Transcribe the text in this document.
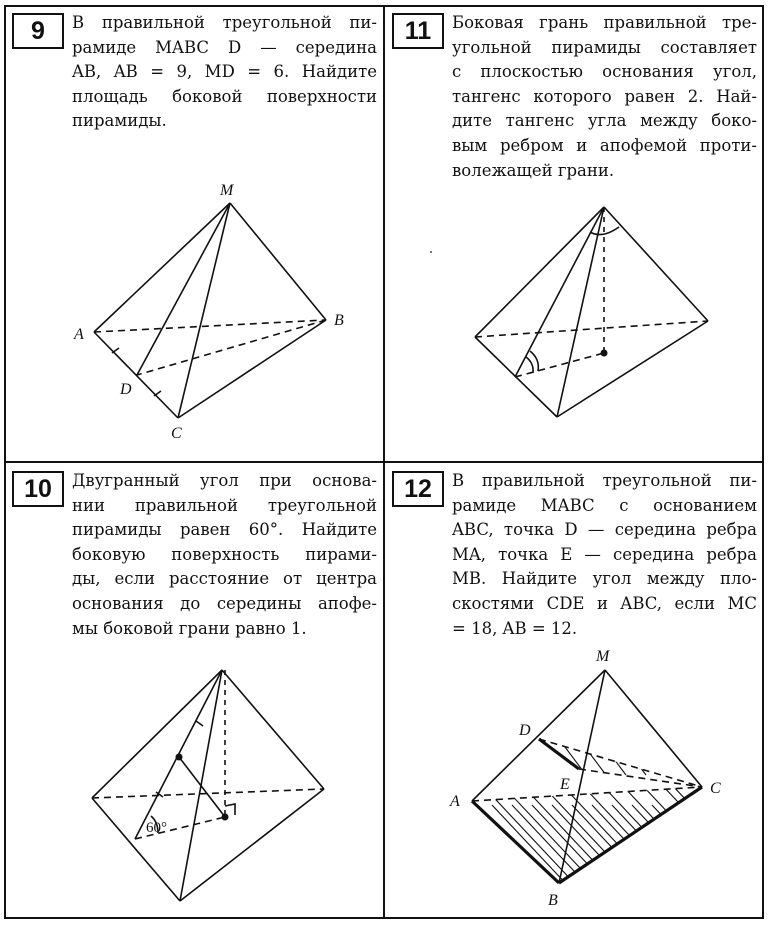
9	В правильной треугольной пи-
рамиде MABC D — середина
AB, AB = 9, MD = 6. Найдите
площадь боковой поверхности
пирамиды.
M
A
B
C
D
11	Боковая грань правильной тре-
угольной пирамиды составляет
с плоскостью основания угол,
тангенс которого равен 2. Най-
дите тангенс угла между боко-
вым ребром и апофемой проти-
волежащей грани.
10	Двугранный угол при основа-
нии правильной треугольной
пирамиды равен 60°. Найдите
боковую поверхность пирами-
ды, если расстояние от центра
основания до середины апофе-
мы боковой грани равно 1.
60°
12	В правильной треугольной пи-
рамиде MABC с основанием
ABC, точка D — середина ребра
MA, точка E — середина ребра
MB. Найдите угол между пло-
скостями CDE и ABC, если MC
= 18, AB = 12.
M
A
B
C
D
E
